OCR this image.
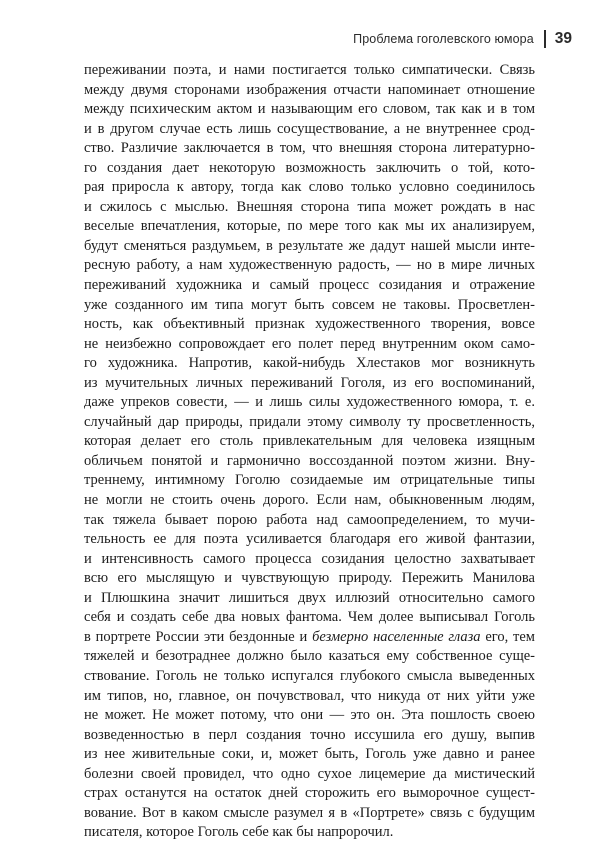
Проблема гоголевского юмора 39
переживании поэта, и нами постигается только симпатически. Связь
между двумя сторонами изображения отчасти напоминает отношение
между психическим актом и называющим его словом, так как и в том
и в другом случае есть лишь сосуществование, а не внутреннее срод-
ство. Различие заключается в том, что внешняя сторона литературно-
го создания дает некоторую возможность заключить о той, кото-
рая приросла к автору, тогда как слово только условно соединилось
и сжилось с мыслью. Внешняя сторона типа может рождать в нас
веселые впечатления, которые, по мере того как мы их анализируем,
будут сменяться раздумьем, в результате же дадут нашей мысли инте-
ресную работу, а нам художественную радость, — но в мире личных
переживаний художника и самый процесс созидания и отражение
уже созданного им типа могут быть совсем не таковы. Просветлен-
ность, как объективный признак художественного творения, вовсе
не неизбежно сопровождает его полет перед внутренним оком само-
го художника. Напротив, какой-нибудь Хлестаков мог возникнуть
из мучительных личных переживаний Гоголя, из его воспоминаний,
даже упреков совести, — и лишь силы художественного юмора, т. е.
случайный дар природы, придали этому символу ту просветленность,
которая делает его столь привлекательным для человека изящным
обличьем понятой и гармонично воссозданной поэтом жизни. Вну-
треннему, интимному Гоголю созидаемые им отрицательные типы
не могли не стоить очень дорого. Если нам, обыкновенным людям,
так тяжела бывает порою работа над самоопределением, то мучи-
тельность ее для поэта усиливается благодаря его живой фантазии,
и интенсивность самого процесса созидания целостно захватывает
всю его мыслящую и чувствующую природу. Пережить Манилова
и Плюшкина значит лишиться двух иллюзий относительно самого
себя и создать себе два новых фантома. Чем долее выписывал Гоголь
в портрете России эти бездонные и безмерно населенные глаза его, тем
тяжелей и безотраднее должно было казаться ему собственное суще-
ствование. Гоголь не только испугался глубокого смысла выведенных
им типов, но, главное, он почувствовал, что никуда от них уйти уже
не может. Не может потому, что они — это он. Эта пошлость своею
возведенностью в перл создания точно иссушила его душу, выпив
из нее живительные соки, и, может быть, Гоголь уже давно и ранее
болезни своей провидел, что одно сухое лицемерие да мистический
страх останутся на остаток дней сторожить его выморочное сущест-
вование. Вот в каком смысле разумел я в «Портрете» связь с будущим
писателя, которое Гоголь себе как бы напророчил.
